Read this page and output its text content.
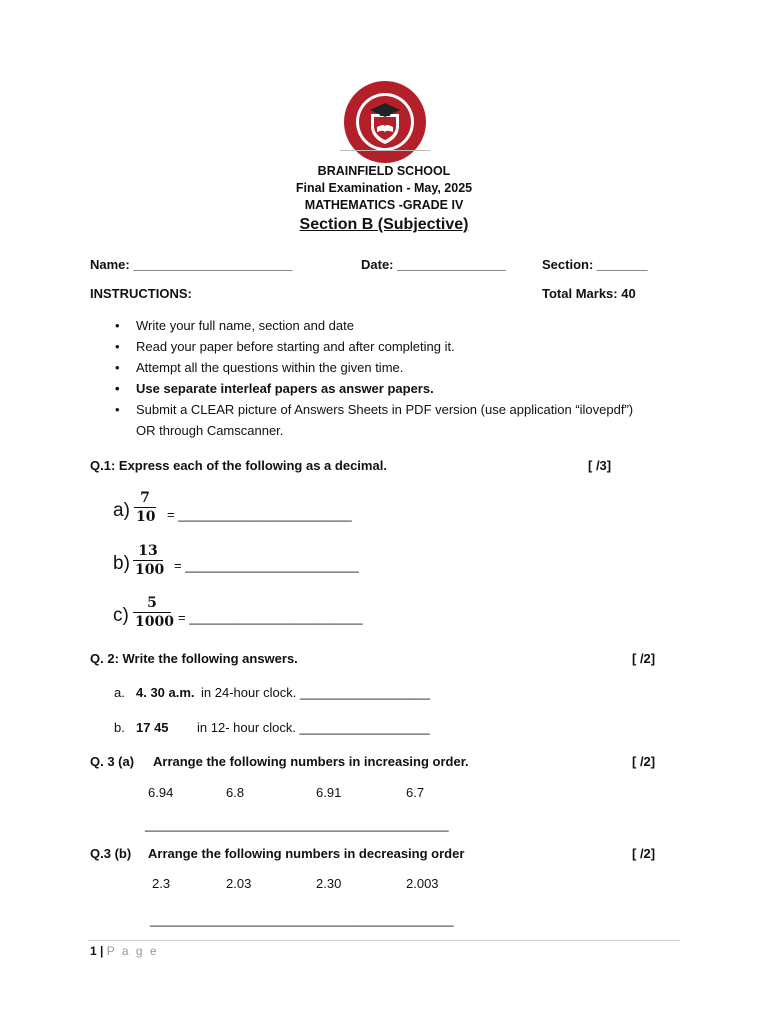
BRAINFIELD SCHOOL
Final Examination - May, 2025
MATHEMATICS -GRADE IV
Section B (Subjective)
Name: ______________________	Date: _______________	Section: _______
INSTRUCTIONS:	Total Marks: 40
• Write your full name, section and date
• Read your paper before starting and after completing it.
• Attempt all the questions within the given time.
• Use separate interleaf papers as answer papers.
• Submit a CLEAR picture of Answers Sheets in PDF version (use application “ilovepdf”)
OR through Camscanner.
Q.1: Express each of the following as a decimal.	[ /3]
a)
7
10 = ________________________
b)
13
100 = ________________________
c)
5
1000 = ________________________
Q. 2: Write the following answers.	[ /2]
a. 4. 30 a.m. in 24-hour clock. __________________
b. 17 45 in 12- hour clock. __________________
Q. 3 (a) Arrange the following numbers in increasing order.	[ /2]
6.94	6.8	6.91	6.7
__________________________________________
Q.3 (b) Arrange the following numbers in decreasing order	[ /2]
2.3	2.03	2.30	2.003
__________________________________________
1 | P a g e
